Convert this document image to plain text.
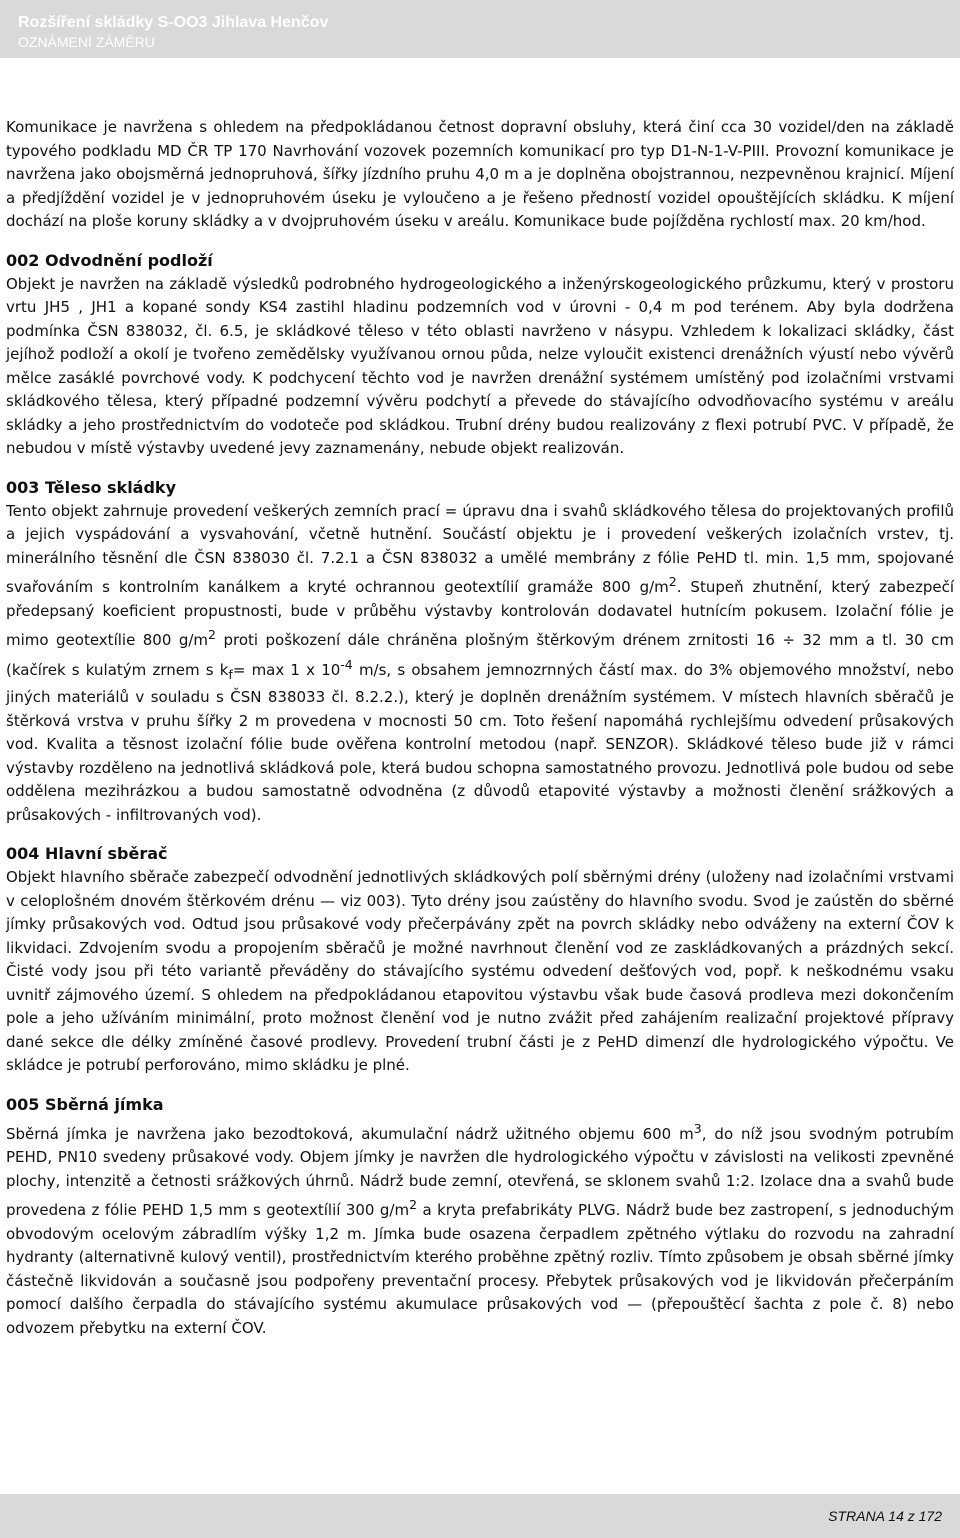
Rozšíření skládky S-OO3 Jihlava Henčov
OZNÁMENÍ ZÁMĚRU

Komunikace je navržena s ohledem na předpokládanou četnost dopravní obsluhy, která činí cca 30 vozidel/den na základě typového podkladu MD ČR TP 170 Navrhování vozovek pozemních komunikací pro typ D1-N-1-V-PIII. Provozní komunikace je navržena jako obojsměrná jednopruhová, šířky jízdního pruhu 4,0 m a je doplněna obojstrannou, nezpevněnou krajnicí. Míjení a předjíždění vozidel je v jednopruhovém úseku je vyloučeno a je řešeno předností vozidel opouštějících skládku. K míjení dochází na ploše koruny skládky a v dvojpruhovém úseku v areálu. Komunikace bude pojížděna rychlostí max. 20 km/hod.

002 Odvodnění podloží

Objekt je navržen na základě výsledků podrobného hydrogeologického a inženýrskogeologického průzkumu, který v prostoru vrtu JH5 , JH1 a kopané sondy KS4 zastihl hladinu podzemních vod v úrovni - 0,4 m pod terénem. Aby byla dodržena podmínka ČSN 838032, čl. 6.5, je skládkové těleso v této oblasti navrženo v násypu. Vzhledem k lokalizaci skládky, část jejíhož podloží a okolí je tvořeno zemědělsky využívanou ornou půda, nelze vyloučit existenci drenážních výustí nebo vývěrů mělce zasáklé povrchové vody. K podchycení těchto vod je navržen drenážní systémem umístěný pod izolačními vrstvami skládkového tělesa, který případné podzemní vývěru podchytí a převede do stávajícího odvodňovacího systému v areálu skládky a jeho prostřednictvím do vodoteče pod skládkou. Trubní drény budou realizovány z flexi potrubí PVC. V případě, že nebudou v místě výstavby uvedené jevy zaznamenány, nebude objekt realizován.

003 Těleso skládky

Tento objekt zahrnuje provedení veškerých zemních prací = úpravu dna i svahů skládkového tělesa do projektovaných profilů a jejich vyspádování a vysvahování, včetně hutnění. Součástí objektu je i provedení veškerých izolačních vrstev, tj. minerálního těsnění dle ČSN 838030 čl. 7.2.1 a ČSN 838032 a umělé membrány z fólie PeHD tl. min. 1,5 mm, spojované svařováním s kontrolním kanálkem a kryté ochrannou geotextílií gramáže 800 $g/m^2$. Stupeň zhutnění, který zabezpečí předepsaný koeficient propustnosti, bude v průběhu výstavby kontrolován dodavatel hutnícím pokusem. Izolační fólie je mimo geotextílie 800 $g/m^2$ proti poškození dále chráněna plošným štěrkovým drénem zrnitosti 16 ÷ 32 mm a tl. 30 cm (kačírek s kulatým zrnem s $k_f= \max 1$ x $10^{-4}$ m/s, s obsahem jemnozrnných částí max. do 3% objemového množství, nebo jiných materiálů v souladu s ČSN 838033 čl. 8.2.2.), který je doplněn drenážním systémem. V místech hlavních sběračů je štěrková vrstva v pruhu šířky 2 m provedena v mocnosti 50 cm. Toto řešení napomáhá rychlejšímu odvedení průsakových vod. Kvalita a těsnost izolační fólie bude ověřena kontrolní metodou (např. SENZOR). Skládkové těleso bude již v rámci výstavby rozděleno na jednotlivá skládková pole, která budou schopna samostatného provozu. Jednotlivá pole budou od sebe oddělena mezihrázkou a budou samostatně odvodněna (z důvodů etapovité výstavby a možnosti členění srážkových a průsakových - infiltrovaných vod).

004 Hlavní sběrač

Objekt hlavního sběrače zabezpečí odvodnění jednotlivých skládkových polí sběrnými drény (uloženy nad izolačními vrstvami v celoplošném dnovém štěrkovém drénu — viz 003). Tyto drény jsou zaústěny do hlavního svodu. Svod je zaústěn do sběrné jímky průsakových vod. Odtud jsou průsakové vody přečerpávány zpět na povrch skládky nebo odváženy na externí ČOV k likvidaci. Zdvojením svodu a propojením sběračů je možné navrhnout členění vod ze zaskládkovaných a prázdných sekcí. Čisté vody jsou při této variantě převáděny do stávajícího systému odvedení dešťových vod, popř. k neškodnému vsaku uvnitř zájmového území. S ohledem na předpokládanou etapovitou výstavbu však bude časová prodleva mezi dokončením pole a jeho užíváním minimální, proto možnost členění vod je nutno zvážit před zahájením realizační projektové přípravy dané sekce dle délky zmíněné časové prodlevy. Provedení trubní části je z PeHD dimenzí dle hydrologického výpočtu. Ve skládce je potrubí perforováno, mimo skládku je plné.

005 Sběrná jímka

Sběrná jímka je navržena jako bezodtoková, akumulační nádrž užitného objemu 600 $m^3$, do níž jsou svodným potrubím PEHD, PN10 svedeny průsakové vody. Objem jímky je navržen dle hydrologického výpočtu v závislosti na velikosti zpevněné plochy, intenzitě a četnosti srážkových úhrnů. Nádrž bude zemní, otevřená, se sklonem svahů 1:2. Izolace dna a svahů bude provedena z fólie PEHD 1,5 mm s geotextílií 300 $g/m^2$ a kryta prefabrikáty PLVG. Nádrž bude bez zastropení, s jednoduchým obvodovým ocelovým zábradlím výšky 1,2 m. Jímka bude osazena čerpadlem zpětného výtlaku do rozvodu na zahradní hydranty (alternativně kulový ventil), prostřednictvím kterého proběhne zpětný rozliv. Tímto způsobem je obsah sběrné jímky částečně likvidován a současně jsou podpořeny preventační procesy. Přebytek průsakových vod je likvidován přečerpáním pomocí dalšího čerpadla do stávajícího systému akumulace průsakových vod — (přepouštěcí šachta z pole č. 8) nebo odvozem přebytku na externí ČOV.

STRANA 14 z 172
